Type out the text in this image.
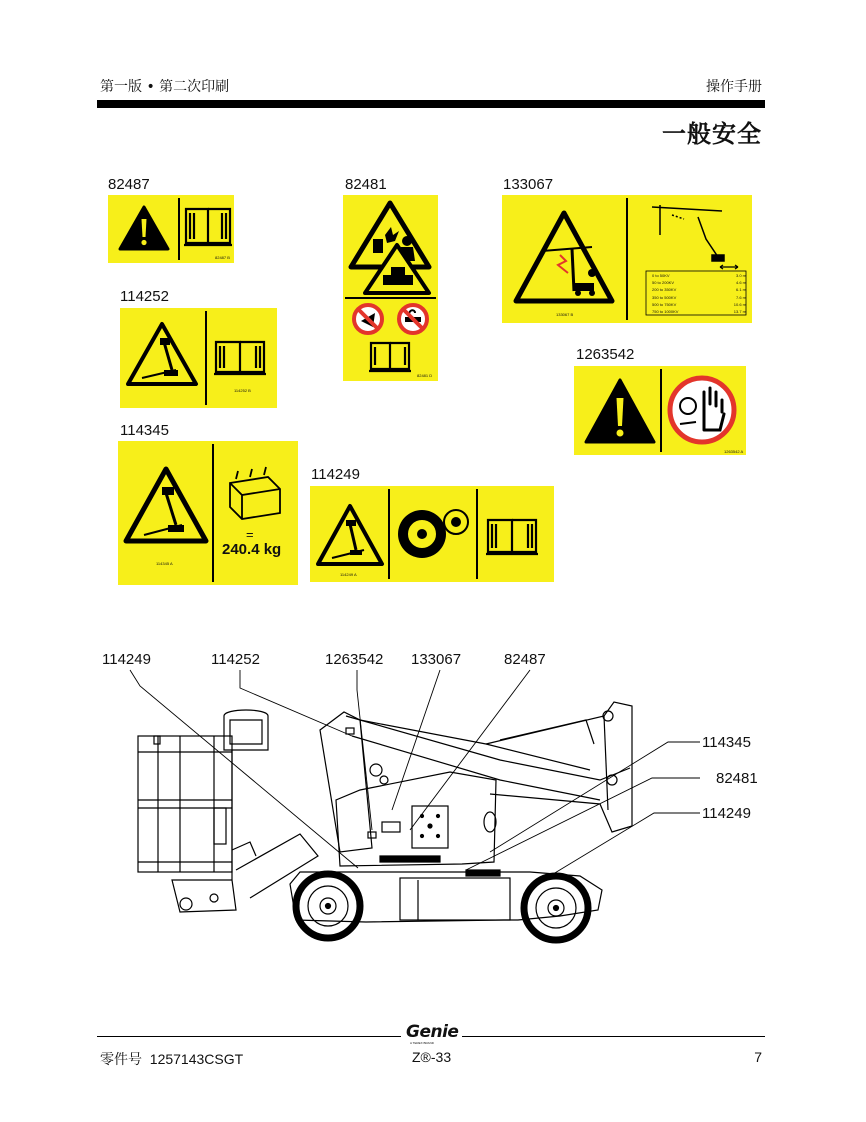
第一版 • 第二次印刷	操作手册
一般安全
82487
82487 B
82481
82481 D
133067
0 to 50KV	3.0 m
50 to 200KV	4.6 m
200 to 350KV	6.1 m
350 to 500KV	7.6 m
500 to 750KV	10.6 m
750 to 1000KV	13.7 m
133067 B
114252
114252 B
1263542
1263542 A
114345
=
240.4 kg
114345 A
114249
114249 A
114249	114252	1263542 133067	82487
114345
82481
114249
Genie
A TEREX BRAND
零件号 1257143CSGT	Z®-33	7
